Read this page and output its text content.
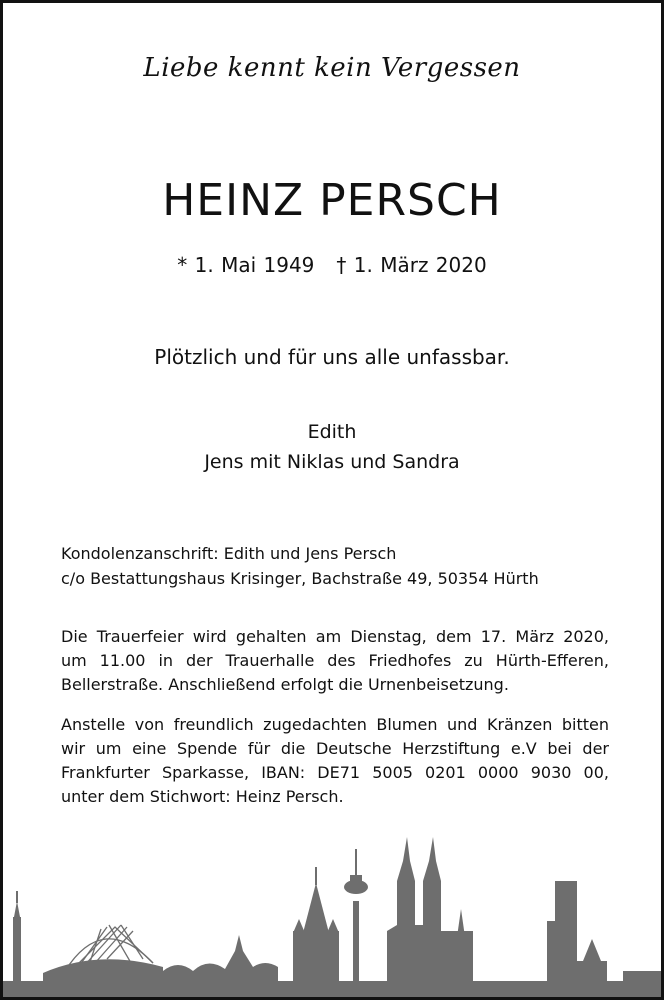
Liebe kennt kein Vergessen
HEINZ PERSCH
* 1. Mai 1949 † 1. März 2020
Plötzlich und für uns alle unfassbar.
Edith
Jens mit Niklas und Sandra
Kondolenzanschrift: Edith und Jens Persch
c/o Bestattungshaus Krisinger, Bachstraße 49, 50354 Hürth
Die Trauerfeier wird gehalten am Dienstag, dem 17. März 2020,
um 11.00 in der Trauerhalle des Friedhofes zu Hürth-Efferen,
Bellerstraße. Anschließend erfolgt die Urnenbeisetzung.
Anstelle von freundlich zugedachten Blumen und Kränzen bitten
wir um eine Spende für die Deutsche Herzstiftung e.V bei der
Frankfurter Sparkasse, IBAN: DE71 5005 0201 0000 9030 00,
unter dem Stichwort: Heinz Persch.
